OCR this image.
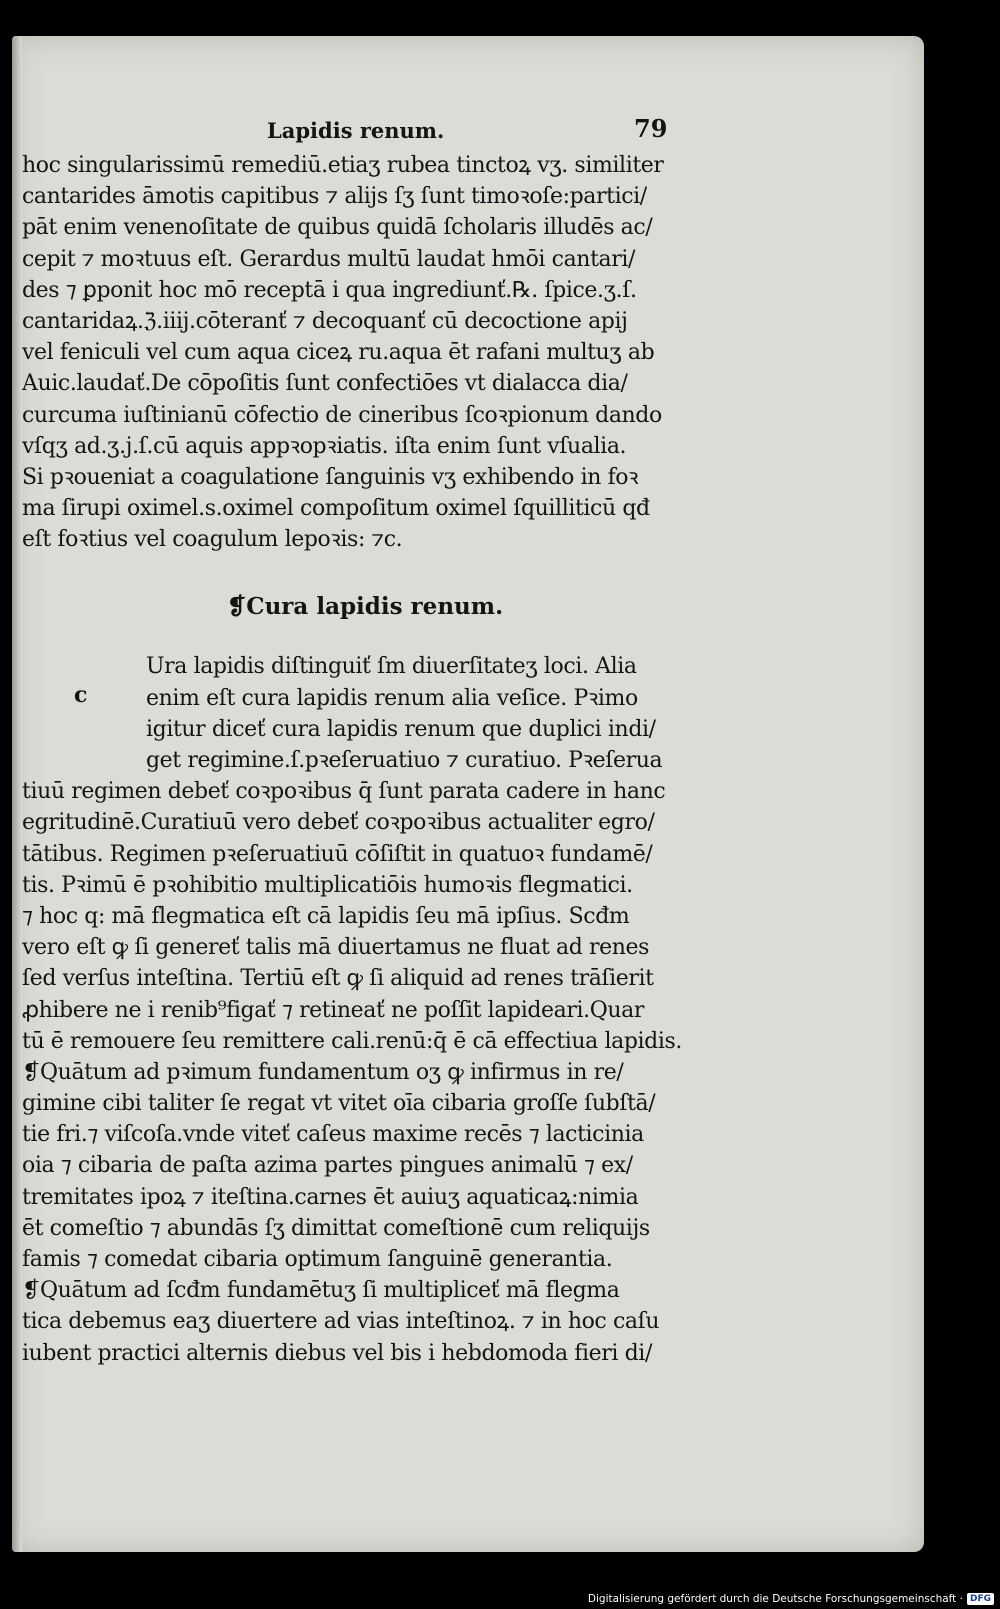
Lapidis renum.	79
hoc singularissimū remediū.etiaʒ rubea tinctoꝝ vʒ. similiter
cantarides āmotis capitibus ⁊ alijs ſʒ ſunt timoꝛoſe:partici/
pāt enim venenoſitate de quibus quidā ſcholaris illudēs ac/
cepit ⁊ moꝛtuus eſt. Gerardus multū laudat hmōi cantari/
des ⁊ ꝑponit hoc mō receptā i qua ingrediunť.℞. ſpice.ʒ.ſ.
cantaridaꝝ.ℨ.iiij.cōteranť ⁊ decoquanť cū decoctione apij
vel feniculi vel cum aqua ciceꝝ ru.aqua ēt rafani multuʒ ab
Auic.laudať.De cōpoſitis ſunt confectiōes vt dialacca dia/
curcuma iuſtinianū cōfectio de cineribus ſcoꝛpionum dando
vſqʒ ad.ʒ.j.ſ.cū aquis appꝛopꝛiatis. iſta enim ſunt vſualia.
Si pꝛoueniat a coagulatione ſanguinis vʒ exhibendo in foꝛ
ma ſirupi oximel.s.oximel compoſitum oximel ſquilliticū qđ
eſt foꝛtius vel coagulum lepoꝛis: ⁊c.
❡Cura lapidis renum.
c
Ura lapidis diſtinguiť ſm diuerſitateʒ loci. Alia
enim eſt cura lapidis renum alia veſice. Pꝛimo
igitur diceť cura lapidis renum que duplici indi/
get regimine.ſ.pꝛeſeruatiuo ⁊ curatiuo. Pꝛeſerua
tiuū regimen debeť coꝛpoꝛibus q̄ ſunt parata cadere in hanc
egritudinē.Curatiuū vero debeť coꝛpoꝛibus actualiter egro/
tātibus. Regimen pꝛeſeruatiuū cōſiſtit in quatuoꝛ fundamē/
tis. Pꝛimū ē pꝛohibitio multiplicatiōis humoꝛis flegmatici.
⁊ hoc q: mā flegmatica eſt cā lapidis ſeu mā ipſius. Scđm
vero eſt ꝙ ſi genereť talis mā diuertamus ne fluat ad renes
ſed verſus inteſtina. Tertiū eſt ꝙ ſi aliquid ad renes trāſierit
ꝓhibere ne i renib⁹figať ⁊ retineať ne poſſit lapideari.Quar
tū ē remouere ſeu remittere cali.renū:q̄ ē cā effectiua lapidis.
❡Quātum ad pꝛimum fundamentum oʒ ꝙ infirmus in re/
gimine cibi taliter ſe regat vt vitet oīa cibaria groſſe ſubſtā/
tie fri.⁊ viſcoſa.vnde viteť caſeus maxime recēs ⁊ lacticinia
oia ⁊ cibaria de paſta azima partes pingues animalū ⁊ ex/
tremitates ipoꝝ ⁊ iteſtina.carnes ēt auiuʒ aquaticaꝝ:nimia
ēt comeſtio ⁊ abundās ſʒ dimittat comeſtionē cum reliquijs
famis ⁊ comedat cibaria optimum ſanguinē generantia.
❡Quātum ad ſcđm fundamētuʒ ſi multipliceť mā flegma
tica debemus eaʒ diuertere ad vias inteſtinoꝝ. ⁊ in hoc caſu
iubent practici alternis diebus vel bis i hebdomoda fieri di/
Digitalisierung gefördert durch die Deutsche Forschungsgemeinschaft · DFG
